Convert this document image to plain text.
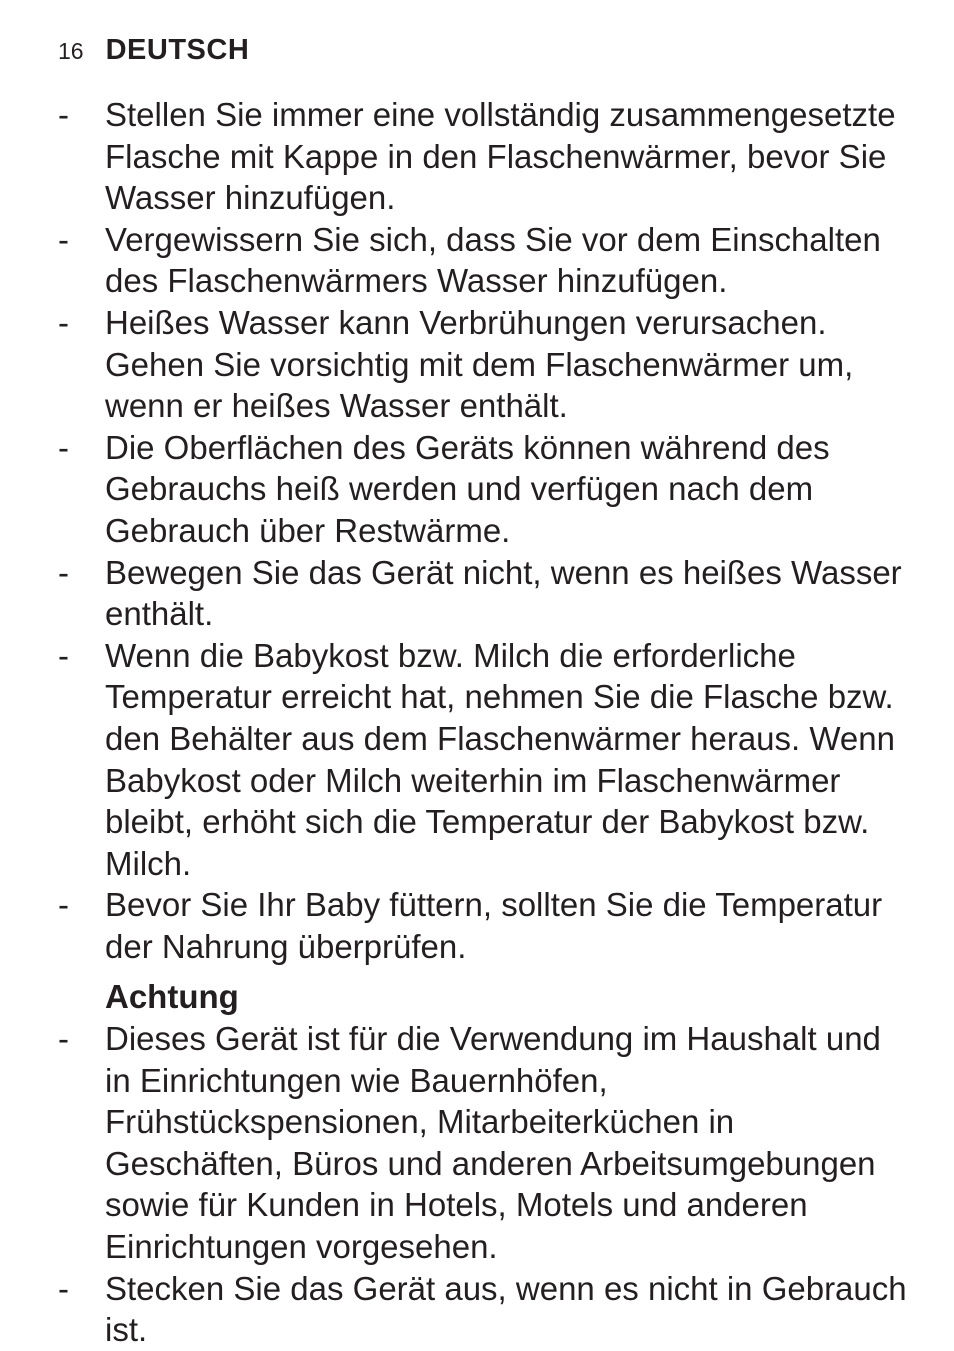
16 DEUTSCH
- Stellen Sie immer eine vollständig zusammengesetzte Flasche mit Kappe in den Flaschenwärmer, bevor Sie Wasser hinzufügen.
- Vergewissern Sie sich, dass Sie vor dem Einschalten des Flaschenwärmers Wasser hinzufügen.
- Heißes Wasser kann Verbrühungen verursachen. Gehen Sie vorsichtig mit dem Flaschenwärmer um, wenn er heißes Wasser enthält.
- Die Oberflächen des Geräts können während des Gebrauchs heiß werden und verfügen nach dem Gebrauch über Restwärme.
- Bewegen Sie das Gerät nicht, wenn es heißes Wasser enthält.
- Wenn die Babykost bzw. Milch die erforderliche Temperatur erreicht hat, nehmen Sie die Flasche bzw. den Behälter aus dem Flaschenwärmer heraus. Wenn Babykost oder Milch weiterhin im Flaschenwärmer bleibt, erhöht sich die Temperatur der Babykost bzw. Milch.
- Bevor Sie Ihr Baby füttern, sollten Sie die Temperatur der Nahrung überprüfen.
Achtung
- Dieses Gerät ist für die Verwendung im Haushalt und in Einrichtungen wie Bauernhöfen, Frühstückspensionen, Mitarbeiterküchen in Geschäften, Büros und anderen Arbeitsumgebungen sowie für Kunden in Hotels, Motels und anderen Einrichtungen vorgesehen.
- Stecken Sie das Gerät aus, wenn es nicht in Gebrauch ist.
